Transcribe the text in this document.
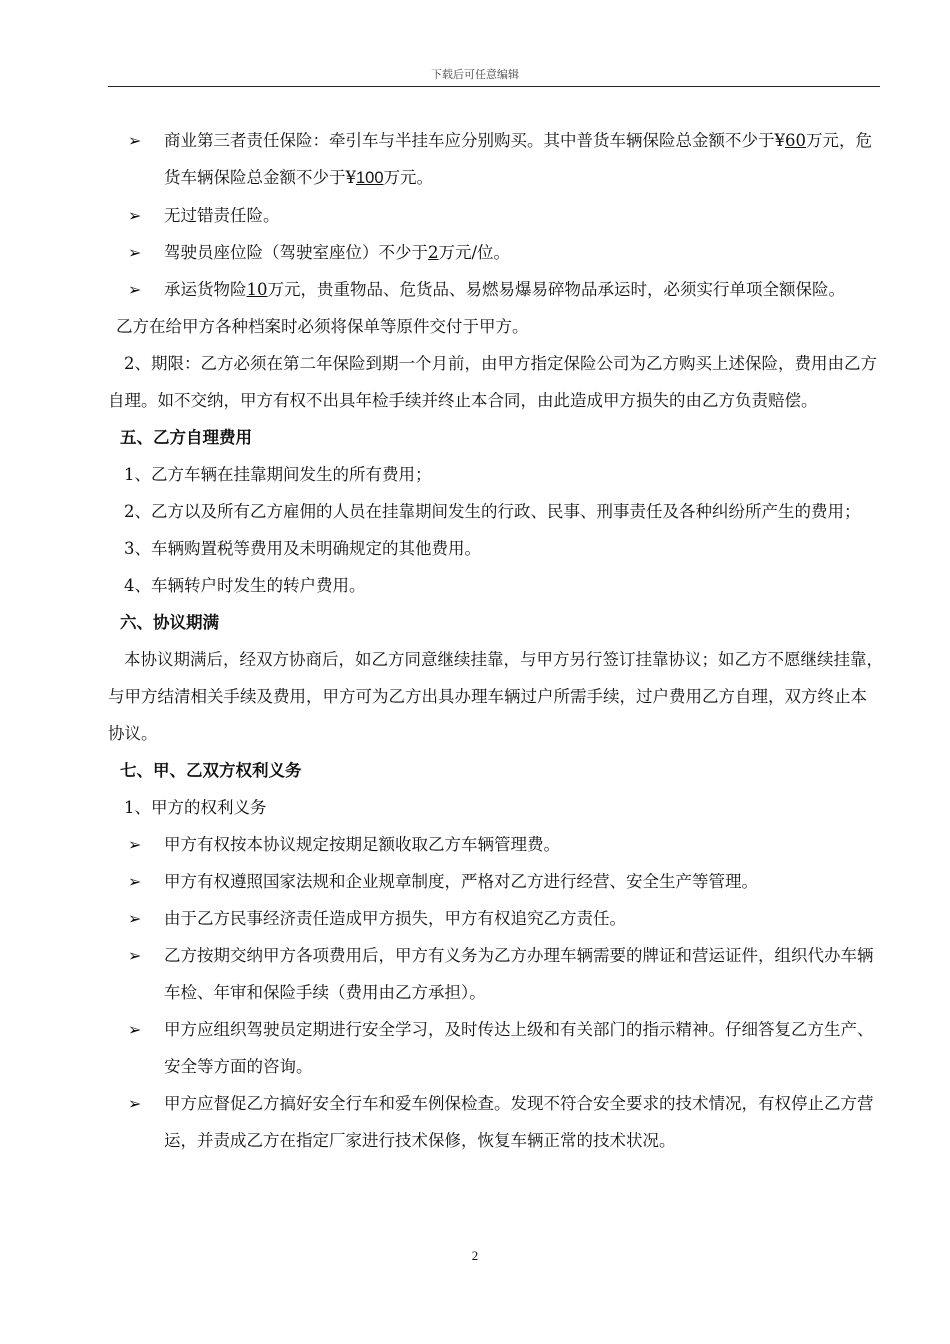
下载后可任意编辑
➢	商业第三者责任保险：牵引车与半挂车应分别购买。其中普货车辆保险总金额不少于¥60万元，危货车辆保险总金额不少于¥100万元。
➢	无过错责任险。
➢	驾驶员座位险（驾驶室座位）不少于2万元/位。
➢	承运货物险10万元，贵重物品、危货品、易燃易爆易碎物品承运时，必须实行单项全额保险。

乙方在给甲方各种档案时必须将保单等原件交付于甲方。

2、期限：乙方必须在第二年保险到期一个月前，由甲方指定保险公司为乙方购买上述保险，费用由乙方自理。如不交纳，甲方有权不出具年检手续并终止本合同，由此造成甲方损失的由乙方负责赔偿。

五、乙方自理费用

1、乙方车辆在挂靠期间发生的所有费用；

2、乙方以及所有乙方雇佣的人员在挂靠期间发生的行政、民事、刑事责任及各种纠纷所产生的费用；

3、车辆购置税等费用及未明确规定的其他费用。

4、车辆转户时发生的转户费用。

六、协议期满

本协议期满后，经双方协商后，如乙方同意继续挂靠，与甲方另行签订挂靠协议；如乙方不愿继续挂靠，与甲方结清相关手续及费用，甲方可为乙方出具办理车辆过户所需手续，过户费用乙方自理，双方终止本协议。

七、甲、乙双方权利义务

1、甲方的权利义务

➢	甲方有权按本协议规定按期足额收取乙方车辆管理费。
➢	甲方有权遵照国家法规和企业规章制度，严格对乙方进行经营、安全生产等管理。
➢	由于乙方民事经济责任造成甲方损失，甲方有权追究乙方责任。
➢	乙方按期交纳甲方各项费用后，甲方有义务为乙方办理车辆需要的牌证和营运证件，组织代办车辆车检、年审和保险手续（费用由乙方承担）。
➢	甲方应组织驾驶员定期进行安全学习，及时传达上级和有关部门的指示精神。仔细答复乙方生产、安全等方面的咨询。
➢	甲方应督促乙方搞好安全行车和爱车例保检查。发现不符合安全要求的技术情况，有权停止乙方营运，并责成乙方在指定厂家进行技术保修，恢复车辆正常的技术状况。
2
